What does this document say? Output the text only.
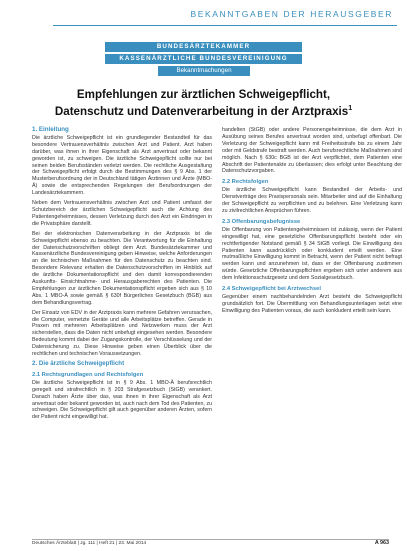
BEKANNTGABEN DER HERAUSGEBER
BUNDESÄRZTEKAMMER
KASSENÄRZTLICHE BUNDESVEREINIGUNG
Bekanntmachungen
Empfehlungen zur ärztlichen Schweigepflicht,
Datenschutz und Datenverarbeitung in der Arztpraxis$^1$
1. Einleitung
Die ärztliche Schweigepflicht ist ein grundlegender Bestandteil für das besondere Vertrauensverhältnis zwischen Arzt und Patient. Arzt haben darüber, was ihnen in ihrer Eigenschaft als Arzt anvertraut oder bekannt geworden ist, zu schweigen. Die ärztliche Schweigepflicht sollte nur bei seinen beiden Berufsständen verletzt werden. Die rechtliche Ausgestaltung der Schweigepflicht erfolgt durch die Bestimmungen des § 9 Abs. 1 der Musterberufsordnung der in Deutschland tätigen Ärztinnen und Ärzte (MBO-Ä) sowie die entsprechenden Regelungen der Berufsordnungen der Landesärztekammern.
Neben dem Vertrauensverhältnis zwischen Arzt und Patient umfasst der Schutzbereich der ärztlichen Schweigepflicht auch die Achtung des Patientengeheimnisses, dessen Verletzung durch den Arzt ein Eindringen in die Privatsphäre darstellt.
Bei der elektronischen Datenverarbeitung in der Arztpraxis ist die Schweigepflicht ebenso zu beachten. Die Verantwortung für die Einhaltung der Datenschutzvorschriften obliegt dem Arzt. Bundesärztekammer und Kassenärztliche Bundesvereinigung geben Hinweise, welche Anforderungen an die technischen Maßnahmen für den Datenschutz zu beachten sind. Besondere Relevanz erhalten die Datenschutzvorschriften im Hinblick auf die ärztliche Dokumentationspflicht und den damit korrespondierenden Auskunfts- Einsichtnahme- und Herausgaberechten des Patienten. Die Empfehlungen zur ärztlichen Dokumentationspflicht ergeben sich aus § 10 Abs. 1 MBO-Ä sowie gemäß § 630f Bürgerliches Gesetzbuch (BGB) aus dem Behandlungsvertrag.
Der Einsatz von EDV in der Arztpraxis kann mehrere Gefahren verursachen, die Computer, vernetzte Geräte und alle Arbeitsplätze betreffen. Gerade in Praxen mit mehreren Arbeitsplätzen und Netzwerken muss der Arzt sicherstellen, dass die Daten nicht unbefugt eingesehen werden. Besondere Bedeutung kommt dabei der Zugangskontrolle, der Verschlüsselung und der Datensicherung zu. Diese Hinweise geben einen Überblick über die rechtlichen und technischen Voraussetzungen.
2. Die ärztliche Schweigepflicht
2.1 Rechtsgrundlagen und Rechtsfolgen
Die ärztliche Schweigepflicht ist in § 9 Abs. 1 MBO-Ä berufsrechtlich geregelt und strafrechtlich in § 203 Strafgesetzbuch (StGB) verankert. Danach haben Ärzte über das, was ihnen in ihrer Eigenschaft als Arzt anvertraut oder bekannt geworden ist, auch nach dem Tod des Patienten, zu schweigen. Die Schweigepflicht gilt auch gegenüber anderen Ärzten, sofern der Patient nicht eingewilligt hat.
handelten (StGB) oder andere Personengeheimnisse, die dem Arzt in Ausübung seines Berufes anvertraut worden sind, unbefugt offenbart. Die Verletzung der Schweigepflicht kann mit Freiheitsstrafe bis zu einem Jahr oder mit Geldstrafe bestraft werden. Auch berufsrechtliche Maßnahmen sind möglich. Nach § 630c BGB ist der Arzt verpflichtet, dem Patienten eine Abschrift der Patientenakte zu überlassen; dies erfolgt unter Beachtung der Datenschutzvorgaben.
2.2 Rechtsfolgen
Die ärztliche Schweigepflicht kann Bestandteil der Arbeits- und Dienstverträge des Praxispersonals sein. Mitarbeiter sind auf die Einhaltung der Schweigepflicht zu verpflichten und zu belehren. Eine Verletzung kann zu zivilrechtlichen Ansprüchen führen.
2.3 Offenbarungsbefugnisse
Die Offenbarung von Patientengeheimnissen ist zulässig, wenn der Patient eingewilligt hat, eine gesetzliche Offenbarungspflicht besteht oder ein rechtfertigender Notstand gemäß § 34 StGB vorliegt. Die Einwilligung des Patienten kann ausdrücklich oder konkludent erteilt werden. Eine mutmaßliche Einwilligung kommt in Betracht, wenn der Patient nicht befragt werden kann und anzunehmen ist, dass er der Offenbarung zustimmen würde. Gesetzliche Offenbarungspflichten ergeben sich unter anderem aus dem Infektionsschutzgesetz und dem Sozialgesetzbuch.
2.4 Schweigepflicht bei Arztwechsel
Gegenüber einem nachbehandelnden Arzt besteht die Schweigepflicht grundsätzlich fort. Die Übermittlung von Behandlungsunterlagen setzt eine Einwilligung des Patienten voraus, die auch konkludent erteilt sein kann.
Deutsches Ärzteblatt | Jg. 111 | Heft 21 | 23. Mai 2014	A 963
